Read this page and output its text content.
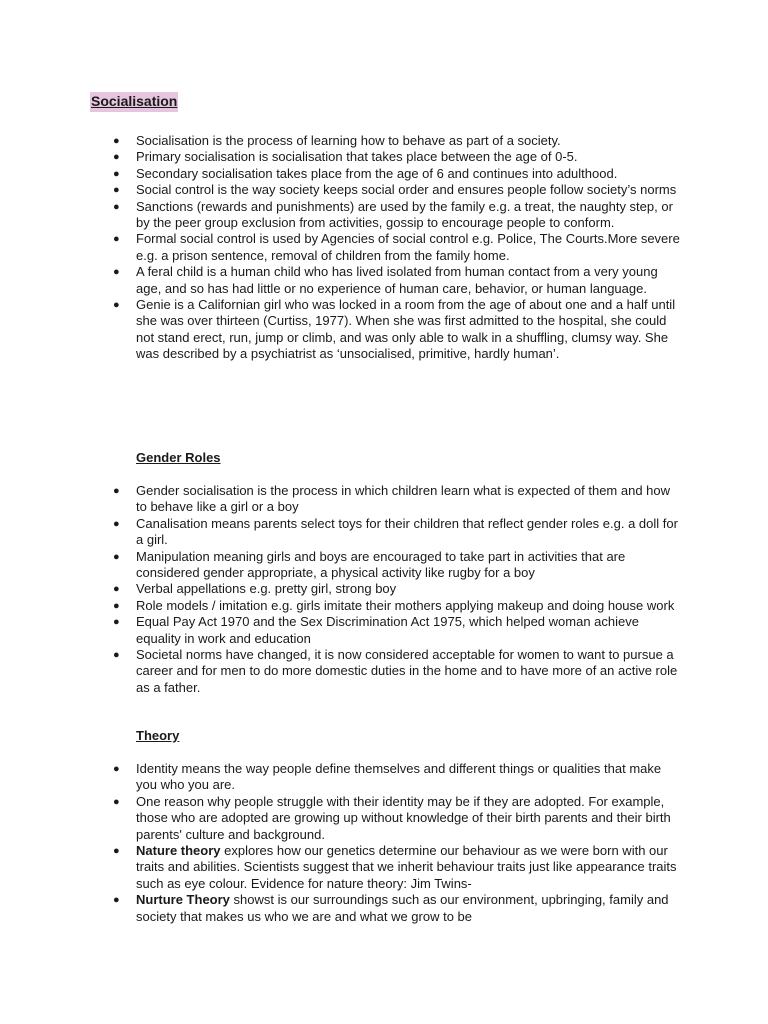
Socialisation
● Socialisation is the process of learning how to behave as part of a society.
● Primary socialisation is socialisation that takes place between the age of 0-5.
● Secondary socialisation takes place from the age of 6 and continues into adulthood.
● Social control is the way society keeps social order and ensures people follow society’s norms
● Sanctions (rewards and punishments) are used by the family e.g. a treat, the naughty step, or by the peer group exclusion from activities, gossip to encourage people to conform.
● Formal social control is used by Agencies of social control e.g. Police, The Courts.More severe e.g. a prison sentence, removal of children from the family home.
● A feral child is a human child who has lived isolated from human contact from a very young age, and so has had little or no experience of human care, behavior, or human language.
● Genie is a Californian girl who was locked in a room from the age of about one and a half until she was over thirteen (Curtiss, 1977). When she was first admitted to the hospital, she could not stand erect, run, jump or climb, and was only able to walk in a shuffling, clumsy way. She was described by a psychiatrist as ‘unsocialised, primitive, hardly human’.
Gender Roles
● Gender socialisation is the process in which children learn what is expected of them and how to behave like a girl or a boy
● Canalisation means parents select toys for their children that reflect gender roles e.g. a doll for a girl.
● Manipulation meaning girls and boys are encouraged to take part in activities that are considered gender appropriate, a physical activity like rugby for a boy
● Verbal appellations e.g. pretty girl, strong boy
● Role models / imitation e.g. girls imitate their mothers applying makeup and doing house work
● Equal Pay Act 1970 and the Sex Discrimination Act 1975, which helped woman achieve equality in work and education
● Societal norms have changed, it is now considered acceptable for women to want to pursue a career and for men to do more domestic duties in the home and to have more of an active role as a father.
Theory
● Identity means the way people define themselves and different things or qualities that make you who you are.
● One reason why people struggle with their identity may be if they are adopted. For example, those who are adopted are growing up without knowledge of their birth parents and their birth parents' culture and background.
● Nature theory explores how our genetics determine our behaviour as we were born with our traits and abilities. Scientists suggest that we inherit behaviour traits just like appearance traits such as eye colour. Evidence for nature theory: Jim Twins-
● Nurture Theory showst is our surroundings such as our environment, upbringing, family and society that makes us who we are and what we grow to be
